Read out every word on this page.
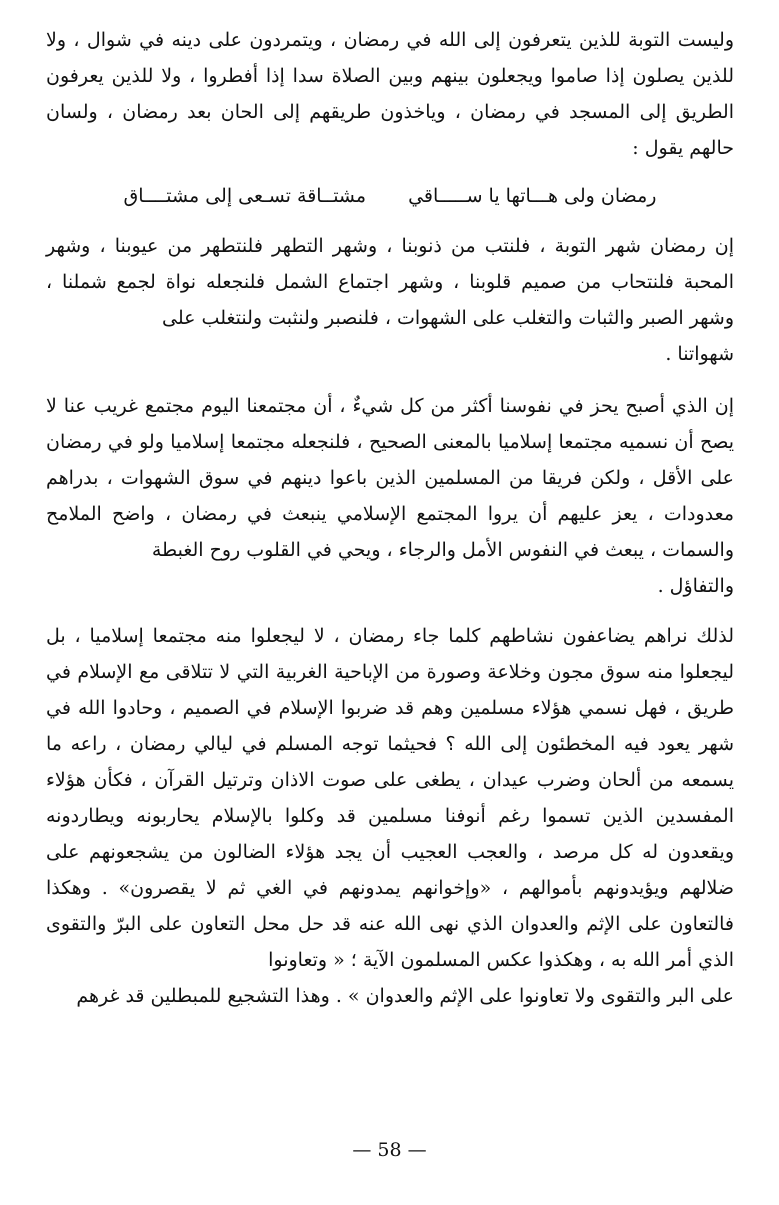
وليست التوبة للذين يتعرفون إلى الله في رمضان ، ويتمردون على دينه في شوال ، ولا للذين يصلون إذا صاموا ويجعلون بينهم وبين الصلاة سدا إذا أفطروا ، ولا للذين يعرفون الطريق إلى المسجد في رمضان ، وياخذون طريقهم إلى الحان بعد رمضان ، ولسان حالهم يقول :

رمضان ولى هـــاتها يا ســـــاقي
مشتــاقة تسـعى إلى مشتــــاق

إن رمضان شهر التوبة ، فلنتب من ذنوبنا ، وشهر التطهر فلنتطهر من عيوبنا ، وشهر المحبة فلنتحاب من صميم قلوبنا ، وشهر اجتماع الشمل فلنجعله نواة لجمع شملنا ، وشهر الصبر والثبات والتغلب على الشهوات ، فلنصبر ولنثبت ولنتغلب على

شهواتنا .

إن الذي أصبح يحز في نفوسنا أكثر من كل شيءٌ ، أن مجتمعنا اليوم مجتمع غريب عنا لا يصح أن نسميه مجتمعا إسلاميا بالمعنى الصحيح ، فلنجعله مجتمعا إسلاميا ولو في رمضان على الأقل ، ولكن فريقا من المسلمين الذين باعوا دينهم في سوق الشهوات ، بدراهم معدودات ، يعز عليهم أن يروا المجتمع الإسلامي ينبعث في رمضان ، واضح الملامح والسمات ، يبعث في النفوس الأمل والرجاء ، ويحي في القلوب روح الغبطة

والتفاؤل .

لذلك نراهم يضاعفون نشاطهم كلما جاء رمضان ، لا ليجعلوا منه مجتمعا إسلاميا ، بل ليجعلوا منه سوق مجون وخلاعة وصورة من الإباحية الغربية التي لا تتلاقى مع الإسلام في طريق ، فهل نسمي هؤلاء مسلمين وهم قد ضربوا الإسلام في الصميم ، وحادوا الله في شهر يعود فيه المخطئون إلى الله ؟ فحيثما توجه المسلم في ليالي رمضان ، راعه ما يسمعه من ألحان وضرب عيدان ، يطغى على صوت الاذان وترتيل القرآن ، فكأن هؤلاء المفسدين الذين تسموا رغم أنوفنا مسلمين قد وكلوا بالإسلام يحاربونه ويطاردونه ويقعدون له كل مرصد ، والعجب العجيب أن يجد هؤلاء الضالون من يشجعونهم على ضلالهم ويؤيدونهم بأموالهم ، «وإخوانهم يمدونهم في الغي ثم لا يقصرون» . وهكذا فالتعاون على الإثم والعدوان الذي نهى الله عنه قد حل محل التعاون على البرّ والتقوى الذي أمر الله به ، وهكذوا عكس المسلمون الآية ؛ « وتعاونوا

على البر والتقوى ولا تعاونوا على الإثم والعدوان » . وهذا التشجيع للمبطلين قد غرهم
— 58 —
